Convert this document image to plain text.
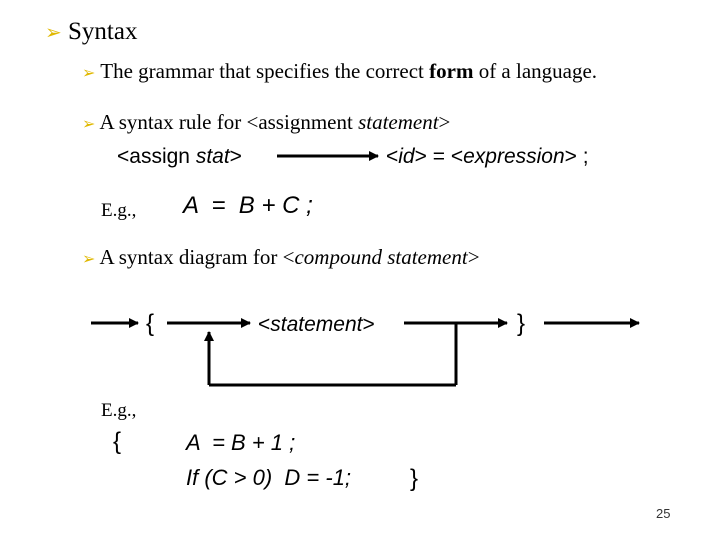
➢ Syntax
➢ The grammar that specifies the correct form of a language.
➢ A syntax rule for <assignment statement>
<assign stat>	<id> = <expression> ;
E.g., A  =  B + C ;
➢ A syntax diagram for <compound statement>
{	<statement>	}
E.g.,
{	A  = B + 1 ;
If (C > 0)  D = -1; }
25
